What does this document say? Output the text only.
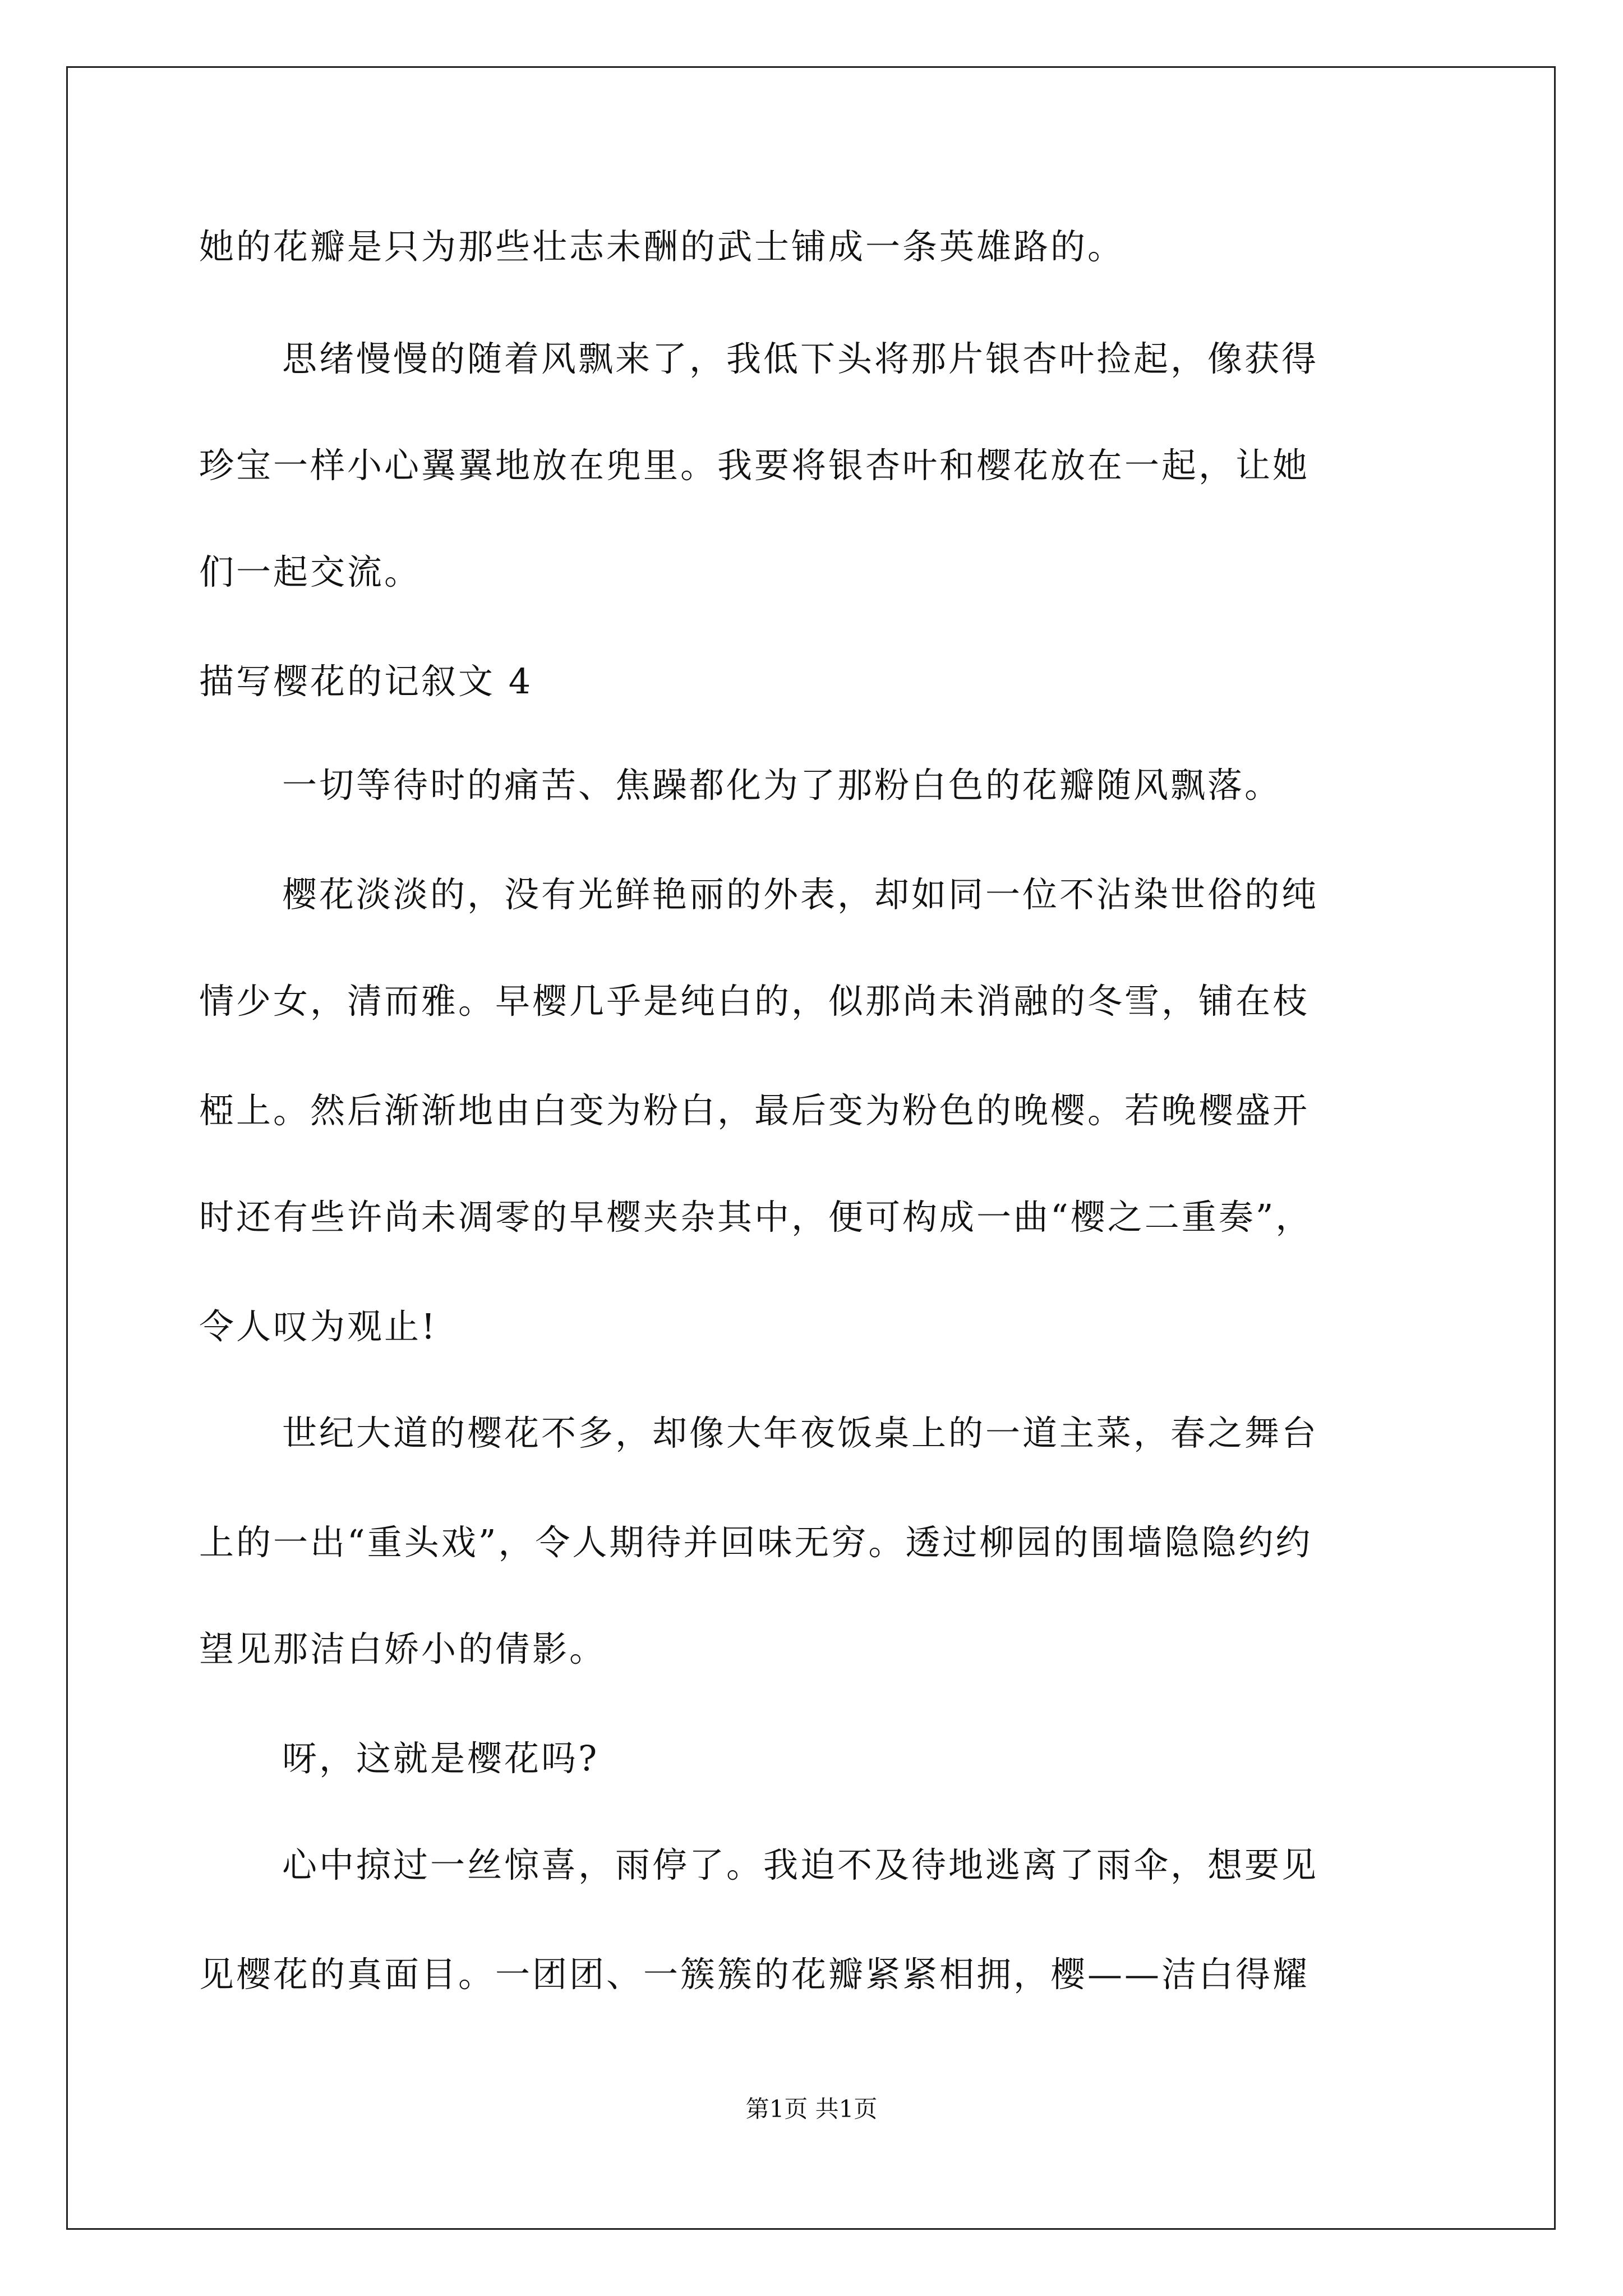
她的花瓣是只为那些壮志未酬的武士铺成一条英雄路的。
思绪慢慢的随着风飘来了，我低下头将那片银杏叶捡起，像获得
珍宝一样小心翼翼地放在兜里。我要将银杏叶和樱花放在一起，让她
们一起交流。
描写樱花的记叙文 4
一切等待时的痛苦、焦躁都化为了那粉白色的花瓣随风飘落。
樱花淡淡的，没有光鲜艳丽的外表，却如同一位不沾染世俗的纯
情少女，清而雅。早樱几乎是纯白的，似那尚未消融的冬雪，铺在枝
椏上。然后渐渐地由白变为粉白，最后变为粉色的晚樱。若晚樱盛开
时还有些许尚未凋零的早樱夹杂其中，便可构成一曲“樱之二重奏”，
令人叹为观止!
世纪大道的樱花不多，却像大年夜饭桌上的一道主菜，春之舞台
上的一出“重头戏”，令人期待并回味无穷。透过柳园的围墙隐隐约约
望见那洁白娇小的倩影。
呀，这就是樱花吗?
心中掠过一丝惊喜，雨停了。我迫不及待地逃离了雨伞，想要见
见樱花的真面目。一团团、一簇簇的花瓣紧紧相拥，樱——洁白得耀
第1页 共1页
